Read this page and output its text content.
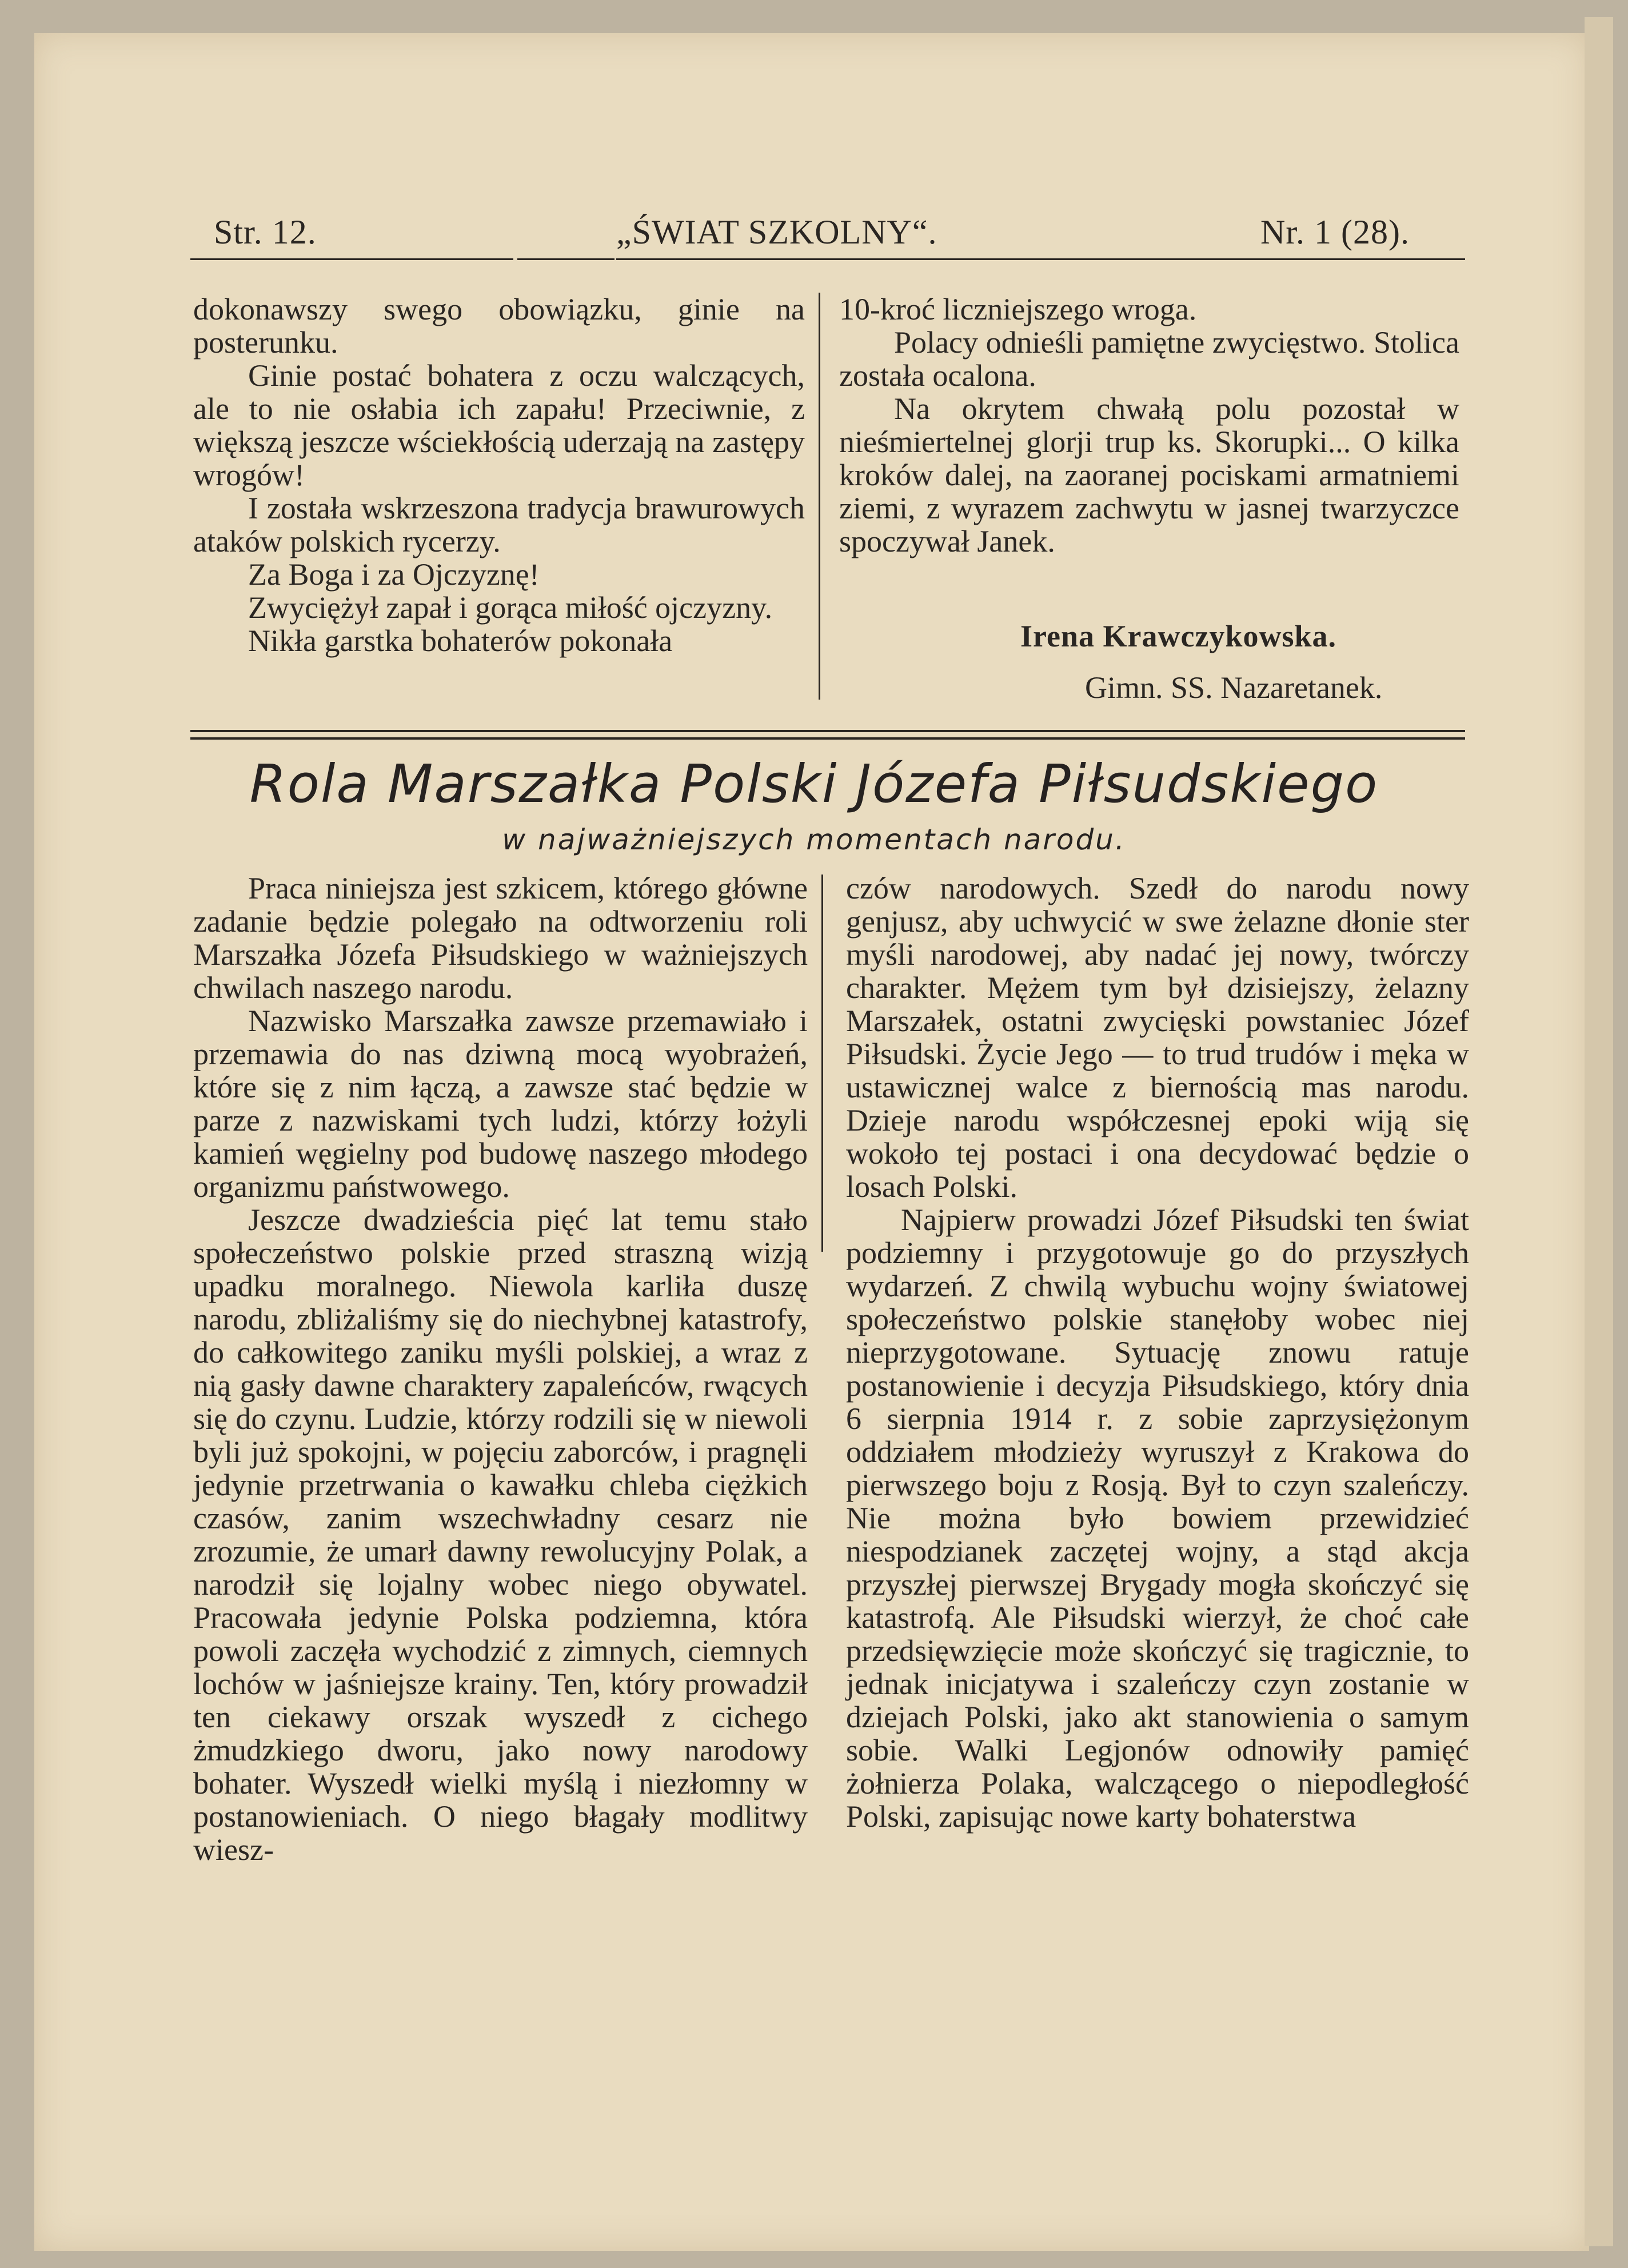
Str. 12.	„ŚWIAT SZKOLNY“.	Nr. 1 (28).

dokonawszy swego obowiązku, ginie na posterunku.

Ginie postać bohatera z oczu walczących, ale to nie osłabia ich zapału! Przeciwnie, z większą jeszcze wściekłością uderzają na zastępy wrogów!

I została wskrzeszona tradycja brawurowych ataków polskich rycerzy.

Za Boga i za Ojczyznę!

Zwyciężył zapał i gorąca miłość ojczyzny.

Nikła garstka bohaterów pokonała

10-kroć liczniejszego wroga.

Polacy odnieśli pamiętne zwycięstwo. Stolica została ocalona.

Na okrytem chwałą polu pozostał w nieśmiertelnej glorji trup ks. Skorupki... O kilka kroków dalej, na zaoranej pociskami armatniemi ziemi, z wyrazem zachwytu w jasnej twarzyczce spoczywał Janek.

Irena Krawczykowska.
Gimn. SS. Nazaretanek.
Rola Marszałka Polski Józefa Piłsudskiego
w najważniejszych momentach narodu.

Praca niniejsza jest szkicem, którego główne zadanie będzie polegało na odtworzeniu roli Marszałka Józefa Piłsudskiego w ważniejszych chwilach naszego narodu.

Nazwisko Marszałka zawsze przemawiało i przemawia do nas dziwną mocą wyobrażeń, które się z nim łączą, a zawsze stać będzie w parze z nazwiskami tych ludzi, którzy łożyli kamień węgielny pod budowę naszego młodego organizmu państwowego.

Jeszcze dwadzieścia pięć lat temu stało społeczeństwo polskie przed straszną wizją upadku moralnego. Niewola karliła duszę narodu, zbliżaliśmy się do niechybnej katastrofy, do całkowitego zaniku myśli polskiej, a wraz z nią gasły dawne charaktery zapaleńców, rwących się do czynu. Ludzie, którzy rodzili się w niewoli byli już spokojni, w pojęciu zaborców, i pragnęli jedynie przetrwania o kawałku chleba ciężkich czasów, zanim wszechwładny cesarz nie zrozumie, że umarł dawny rewolucyjny Polak, a narodził się lojalny wobec niego obywatel. Pracowała jedynie Polska podziemna, która powoli zaczęła wychodzić z zimnych, ciemnych lochów w jaśniejsze krainy. Ten, który prowadził ten ciekawy orszak wyszedł z cichego żmudzkiego dworu, jako nowy narodowy bohater. Wyszedł wielki myślą i niezłomny w postanowieniach. O niego błagały modlitwy wiesz-

czów narodowych. Szedł do narodu nowy genjusz, aby uchwycić w swe żelazne dłonie ster myśli narodowej, aby nadać jej nowy, twórczy charakter. Mężem tym był dzisiejszy, żelazny Marszałek, ostatni zwycięski powstaniec Józef Piłsudski. Życie Jego — to trud trudów i męka w ustawicznej walce z biernością mas narodu. Dzieje narodu współczesnej epoki wiją się wokoło tej postaci i ona decydować będzie o losach Polski.

Najpierw prowadzi Józef Piłsudski ten świat podziemny i przygotowuje go do przyszłych wydarzeń. Z chwilą wybuchu wojny światowej społeczeństwo polskie stanęłoby wobec niej nieprzygotowane. Sytuację znowu ratuje postanowienie i decyzja Piłsudskiego, który dnia 6 sierpnia 1914 r. z sobie zaprzysiężonym oddziałem młodzieży wyruszył z Krakowa do pierwszego boju z Rosją. Był to czyn szaleńczy. Nie można było bowiem przewidzieć niespodzianek zaczętej wojny, a stąd akcja przyszłej pierwszej Brygady mogła skończyć się katastrofą. Ale Piłsudski wierzył, że choć całe przedsięwzięcie może skończyć się tragicznie, to jednak inicjatywa i szaleńczy czyn zostanie w dziejach Polski, jako akt stanowienia o samym sobie. Walki Legjonów odnowiły pamięć żołnierza Polaka, walczącego o niepodległość Polski, zapisując nowe karty bohaterstwa
